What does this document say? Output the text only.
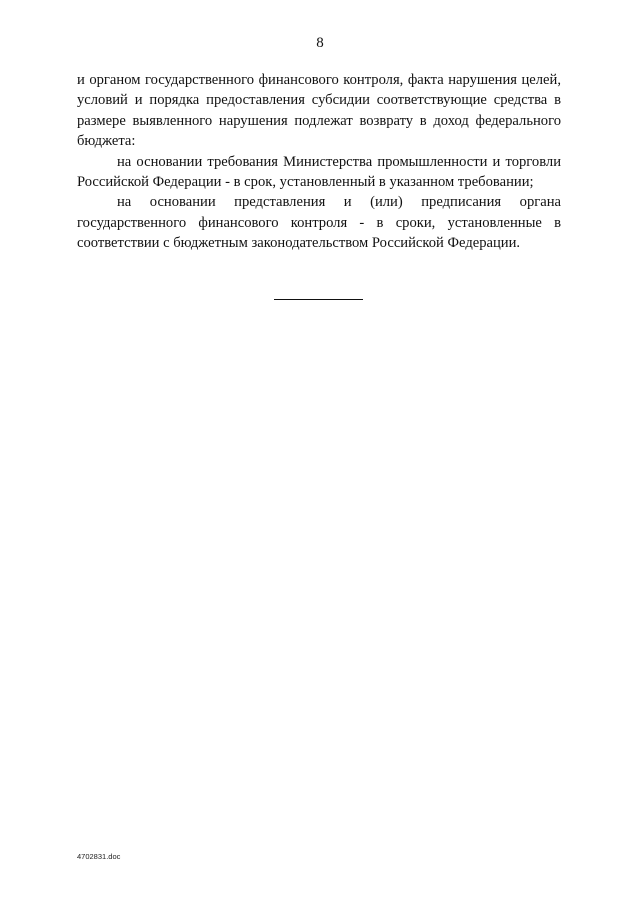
8

и органом государственного финансового контроля, факта нарушения целей, условий и порядка предоставления субсидии соответствующие средства в размере выявленного нарушения подлежат возврату в доход федерального бюджета:

на основании требования Министерства промышленности и торговли Российской Федерации - в срок, установленный в указанном требовании;

на основании представления и (или) предписания органа государственного финансового контроля - в сроки, установленные в соответствии с бюджетным законодательством Российской Федерации.

4702831.doc
